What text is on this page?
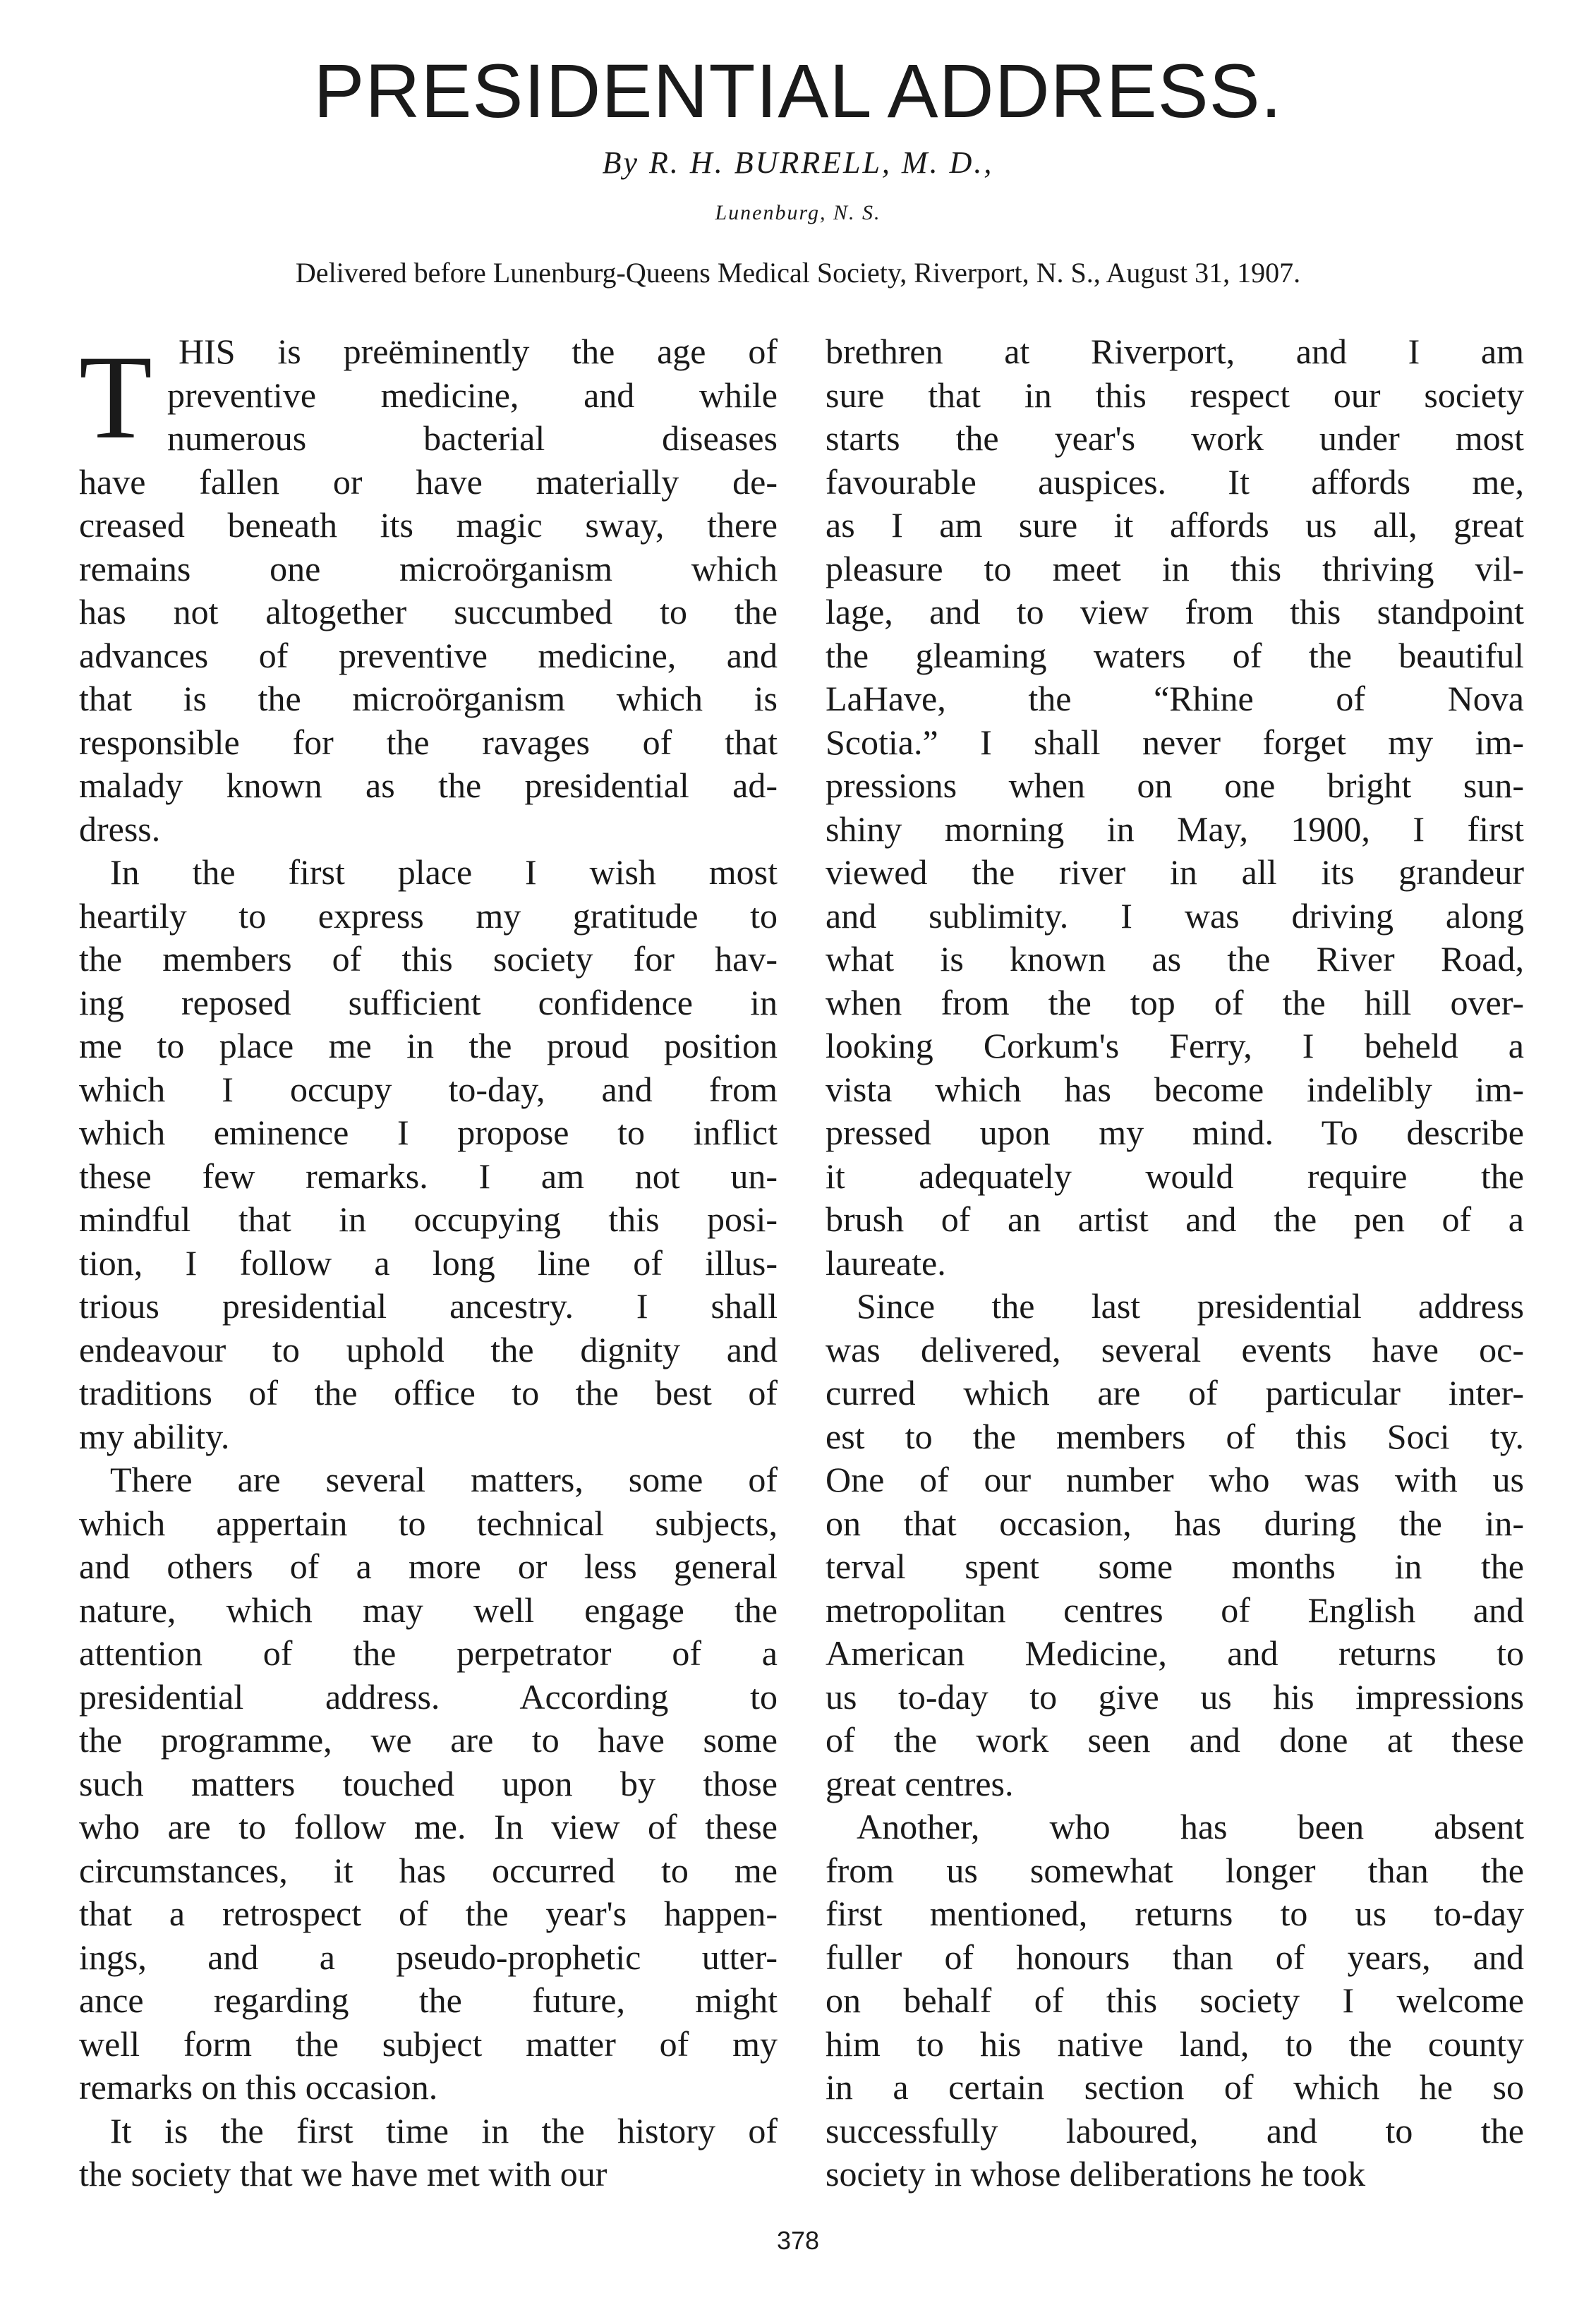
PRESIDENTIAL ADDRESS.
By R. H. BURRELL, M. D.,
Lunenburg, N. S.
Delivered before Lunenburg-Queens Medical Society, Riverport, N. S., August 31, 1907.
T HIS is preëminently the age of
preventive medicine, and while
numerous bacterial diseases
have fallen or have materially de-
creased beneath its magic sway, there
remains one microörganism which
has not altogether succumbed to the
advances of preventive medicine, and
that is the microörganism which is
responsible for the ravages of that
malady known as the presidential ad-
dress.
In the first place I wish most
heartily to express my gratitude to
the members of this society for hav-
ing reposed sufficient confidence in
me to place me in the proud position
which I occupy to-day, and from
which eminence I propose to inflict
these few remarks. I am not un-
mindful that in occupying this posi-
tion, I follow a long line of illus-
trious presidential ancestry. I shall
endeavour to uphold the dignity and
traditions of the office to the best of
my ability.
There are several matters, some of
which appertain to technical subjects,
and others of a more or less general
nature, which may well engage the
attention of the perpetrator of a
presidential address. According to
the programme, we are to have some
such matters touched upon by those
who are to follow me. In view of these
circumstances, it has occurred to me
that a retrospect of the year's happen-
ings, and a pseudo-prophetic utter-
ance regarding the future, might
well form the subject matter of my
remarks on this occasion.
It is the first time in the history of
the society that we have met with our
brethren at Riverport, and I am
sure that in this respect our society
starts the year's work under most
favourable auspices. It affords me,
as I am sure it affords us all, great
pleasure to meet in this thriving vil-
lage, and to view from this standpoint
the gleaming waters of the beautiful
LaHave, the “Rhine of Nova
Scotia.” I shall never forget my im-
pressions when on one bright sun-
shiny morning in May, 1900, I first
viewed the river in all its grandeur
and sublimity. I was driving along
what is known as the River Road,
when from the top of the hill over-
looking Corkum's Ferry, I beheld a
vista which has become indelibly im-
pressed upon my mind. To describe
it adequately would require the
brush of an artist and the pen of a
laureate.
Since the last presidential address
was delivered, several events have oc-
curred which are of particular inter-
est to the members of this Soci ty.
One of our number who was with us
on that occasion, has during the in-
terval spent some months in the
metropolitan centres of English and
American Medicine, and returns to
us to-day to give us his impressions
of the work seen and done at these
great centres.
Another, who has been absent
from us somewhat longer than the
first mentioned, returns to us to-day
fuller of honours than of years, and
on behalf of this society I welcome
him to his native land, to the county
in a certain section of which he so
successfully laboured, and to the
society in whose deliberations he took
378
